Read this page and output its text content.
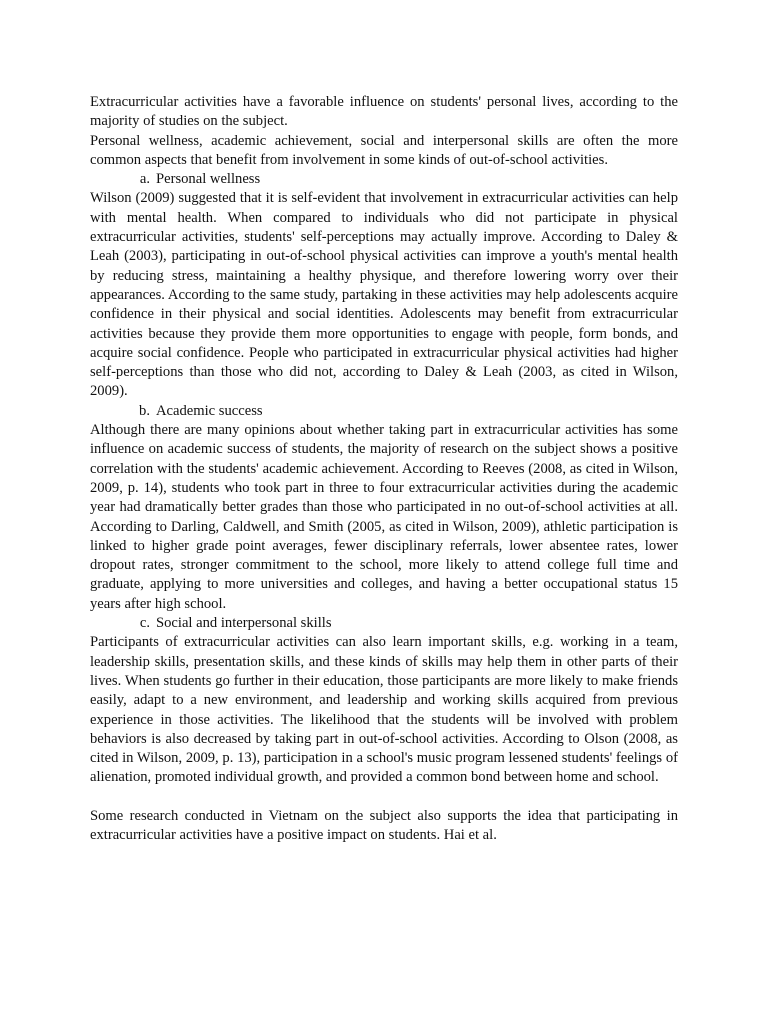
Extracurricular activities have a favorable influence on students' personal lives, according to the majority of studies on the subject.

Personal wellness, academic achievement, social and interpersonal skills are often the more common aspects that benefit from involvement in some kinds of out-of-school activities.

a. Personal wellness

Wilson (2009) suggested that it is self-evident that involvement in extracurricular activities can help with mental health. When compared to individuals who did not participate in physical extracurricular activities, students' self-perceptions may actually improve. According to Daley & Leah (2003), participating in out-of-school physical activities can improve a youth's mental health by reducing stress, maintaining a healthy physique, and therefore lowering worry over their appearances. According to the same study, partaking in these activities may help adolescents acquire confidence in their physical and social identities. Adolescents may benefit from extracurricular activities because they provide them more opportunities to engage with people, form bonds, and acquire social confidence. People who participated in extracurricular physical activities had higher self-perceptions than those who did not, according to Daley & Leah (2003, as cited in Wilson, 2009).

b. Academic success

Although there are many opinions about whether taking part in extracurricular activities has some influence on academic success of students, the majority of research on the subject shows a positive correlation with the students' academic achievement. According to Reeves (2008, as cited in Wilson, 2009, p. 14), students who took part in three to four extracurricular activities during the academic year had dramatically better grades than those who participated in no out-of-school activities at all. According to Darling, Caldwell, and Smith (2005, as cited in Wilson, 2009), athletic participation is linked to higher grade point averages, fewer disciplinary referrals, lower absentee rates, lower dropout rates, stronger commitment to the school, more likely to attend college full time and graduate, applying to more universities and colleges, and having a better occupational status 15 years after high school.

c. Social and interpersonal skills

Participants of extracurricular activities can also learn important skills, e.g. working in a team, leadership skills, presentation skills, and these kinds of skills may help them in other parts of their lives. When students go further in their education, those participants are more likely to make friends easily, adapt to a new environment, and leadership and working skills acquired from previous experience in those activities. The likelihood that the students will be involved with problem behaviors is also decreased by taking part in out-of-school activities. According to Olson (2008, as cited in Wilson, 2009, p. 13), participation in a school's music program lessened students' feelings of alienation, promoted individual growth, and provided a common bond between home and school.

Some research conducted in Vietnam on the subject also supports the idea that participating in extracurricular activities have a positive impact on students. Hai et al.
